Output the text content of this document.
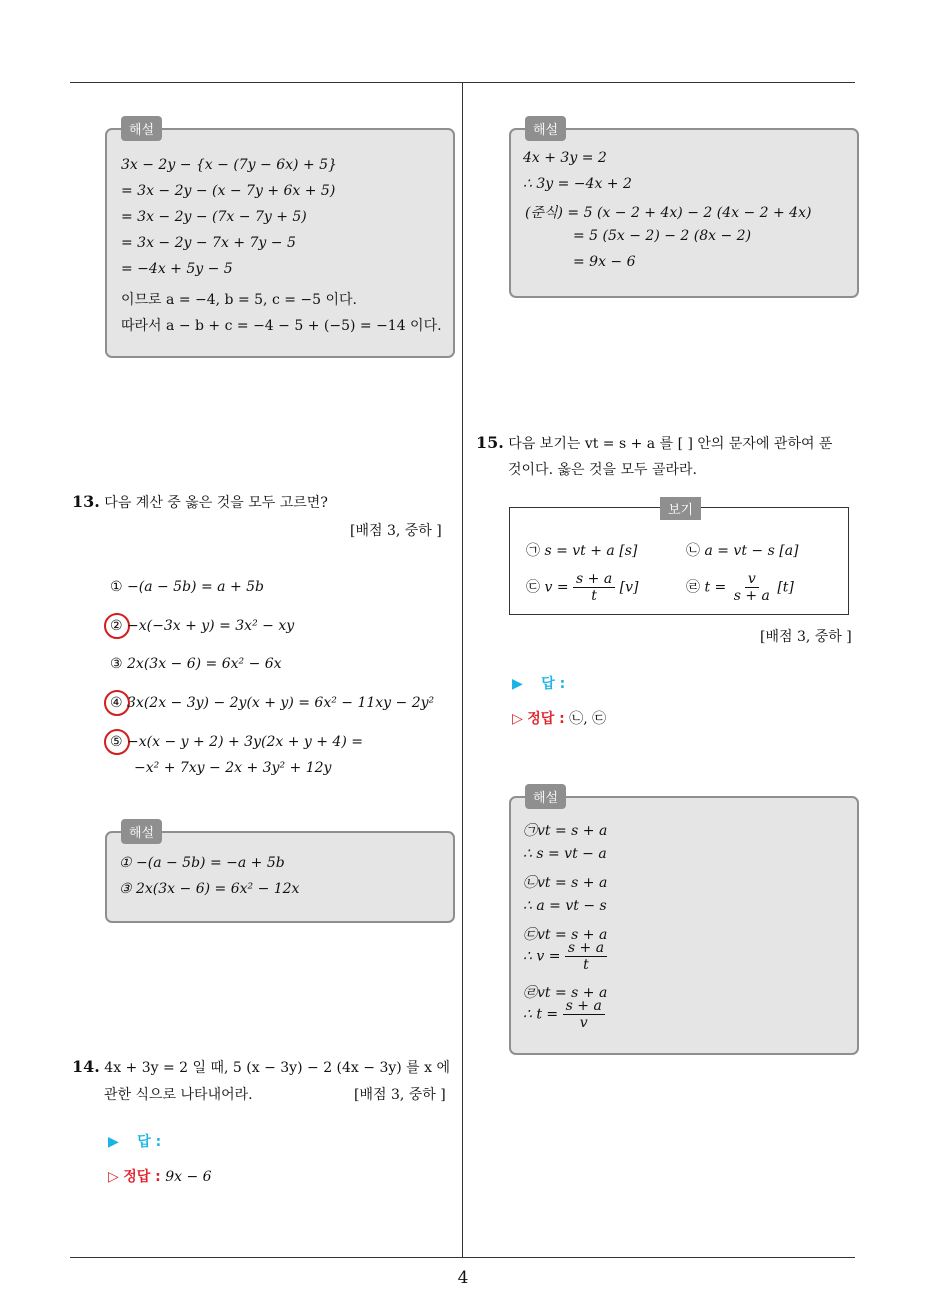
4
해설
3x − 2y − {x − (7y − 6x) + 5}
= 3x − 2y − (x − 7y + 6x + 5)
= 3x − 2y − (7x − 7y + 5)
= 3x − 2y − 7x + 7y − 5
= −4x + 5y − 5
이므로 a = −4, b = 5, c = −5 이다.
따라서 a − b + c = −4 − 5 + (−5) = −14 이다.
13. 다음 계산 중 옳은 것을 모두 고르면?
[배점 3, 중하 ]
① −(a − 5b) = a + 5b
② −x(−3x + y) = 3x² − xy
③ 2x(3x − 6) = 6x² − 6x
④ 3x(2x − 3y) − 2y(x + y) = 6x² − 11xy − 2y²
⑤ −x(x − y + 2) + 3y(2x + y + 4) =
−x² + 7xy − 2x + 3y² + 12y
해설
① −(a − 5b) = −a + 5b
③ 2x(3x − 6) = 6x² − 12x
14. 4x + 3y = 2 일 때, 5 (x − 3y) − 2 (4x − 3y) 를 x 에
관한 식으로 나타내어라.	[배점 3, 중하 ]
▶ 답 :
▷ 정답 : 9x − 6
해설
4x + 3y = 2
∴ 3y = −4x + 2
(준식) = 5 (x − 2 + 4x) − 2 (4x − 2 + 4x)
= 5 (5x − 2) − 2 (8x − 2)
= 9x − 6
15. 다음 보기는 vt = s + a 를 [ ] 안의 문자에 관하여 푼
것이다. 옳은 것을 모두 골라라.
보기
㉠ s = vt + a [s]	㉡ a = vt − s [a]
㉢ $v = \frac{s + a}{t} [v]$	㉣ $t = \frac{v}{s + a} [t]$
[배점 3, 중하 ]
▶ 답 :
▷ 정답 : ㉡, ㉢
해설
㉠vt = s + a
∴ s = vt − a
㉡vt = s + a
∴ a = vt − s
㉢vt = s + a
∴ $v = \frac{s + a}{t}$
㉣vt = s + a
∴ $t = \frac{s + a}{v}$
